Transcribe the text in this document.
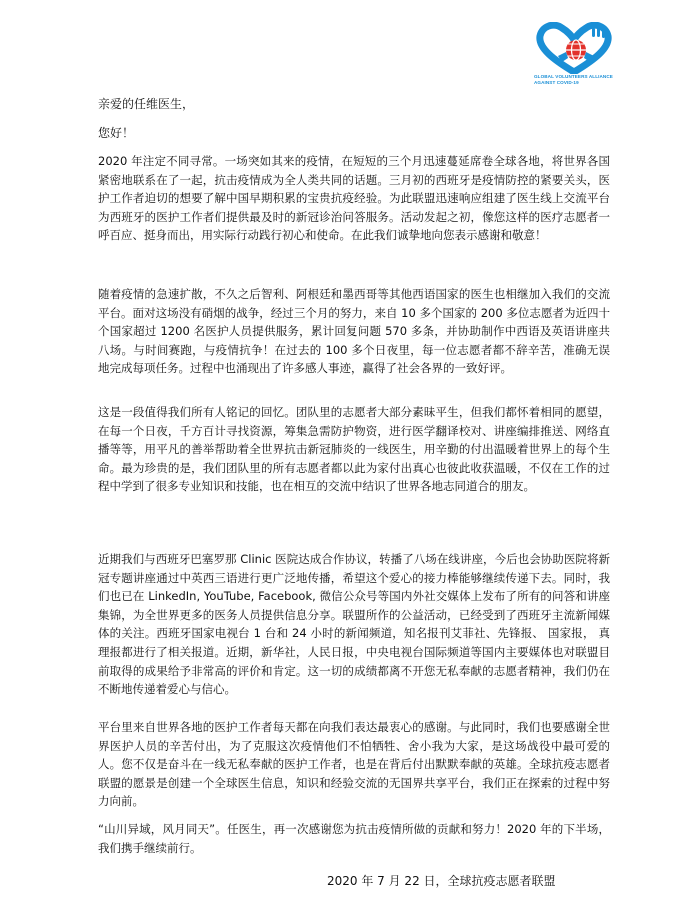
GLOBAL VOLUNTEERS ALLIANCE
AGAINST COVID-19

亲爱的任维医生，

您好！

2020 年注定不同寻常。一场突如其来的疫情，在短短的三个月迅速蔓延席卷全球各地，将世界各国紧密地联系在了一起，抗击疫情成为全人类共同的话题。三月初的西班牙是疫情防控的紧要关头，医护工作者迫切的想要了解中国早期积累的宝贵抗疫经验。为此联盟迅速响应组建了医生线上交流平台为西班牙的医护工作者们提供最及时的新冠诊治问答服务。活动发起之初，像您这样的医疗志愿者一呼百应、挺身而出，用实际行动践行初心和使命。在此我们诚挚地向您表示感谢和敬意！

随着疫情的急速扩散，不久之后智利、阿根廷和墨西哥等其他西语国家的医生也相继加入我们的交流平台。面对这场没有硝烟的战争，经过三个月的努力，来自 10 多个国家的 200 多位志愿者为近四十个国家超过 1200 名医护人员提供服务，累计回复问题 570 多条，并协助制作中西语及英语讲座共八场。与时间赛跑，与疫情抗争！在过去的 100 多个日夜里，每一位志愿者都不辞辛苦，准确无误地完成每项任务。过程中也涌现出了许多感人事迹，赢得了社会各界的一致好评。

这是一段值得我们所有人铭记的回忆。团队里的志愿者大部分素昧平生，但我们都怀着相同的愿望，在每一个日夜，千方百计寻找资源，筹集急需防护物资，进行医学翻译校对、讲座编排推送、网络直播等等，用平凡的善举帮助着全世界抗击新冠肺炎的一线医生，用辛勤的付出温暖着世界上的每个生命。最为珍贵的是，我们团队里的所有志愿者都以此为家付出真心也彼此收获温暖，不仅在工作的过程中学到了很多专业知识和技能，也在相互的交流中结识了世界各地志同道合的朋友。

近期我们与西班牙巴塞罗那 Clinic 医院达成合作协议，转播了八场在线讲座，今后也会协助医院将新冠专题讲座通过中英西三语进行更广泛地传播，希望这个爱心的接力棒能够继续传递下去。同时，我们也已在 LinkedIn, YouTube, Facebook, 微信公众号等国内外社交媒体上发布了所有的问答和讲座集锦，为全世界更多的医务人员提供信息分享。联盟所作的公益活动，已经受到了西班牙主流新闻媒体的关注。西班牙国家电视台 1 台和 24 小时的新闻频道，知名报刊艾菲社、先锋报、 国家报， 真理报都进行了相关报道。近期，新华社，人民日报，中央电视台国际频道等国内主要媒体也对联盟目前取得的成果给予非常高的评价和肯定。这一切的成绩都离不开您无私奉献的志愿者精神，我们仍在不断地传递着爱心与信心。

平台里来自世界各地的医护工作者每天都在向我们表达最衷心的感谢。与此同时，我们也要感谢全世界医护人员的辛苦付出，为了克服这次疫情他们不怕牺牲、舍小我为大家，是这场战役中最可爱的人。您不仅是奋斗在一线无私奉献的医护工作者，也是在背后付出默默奉献的英雄。全球抗疫志愿者联盟的愿景是创建一个全球医生信息，知识和经验交流的无国界共享平台，我们正在探索的过程中努力向前。

“山川异域，风月同天”。任医生，再一次感谢您为抗击疫情所做的贡献和努力！2020 年的下半场，我们携手继续前行。

2020 年 7 月 22 日，全球抗疫志愿者联盟
